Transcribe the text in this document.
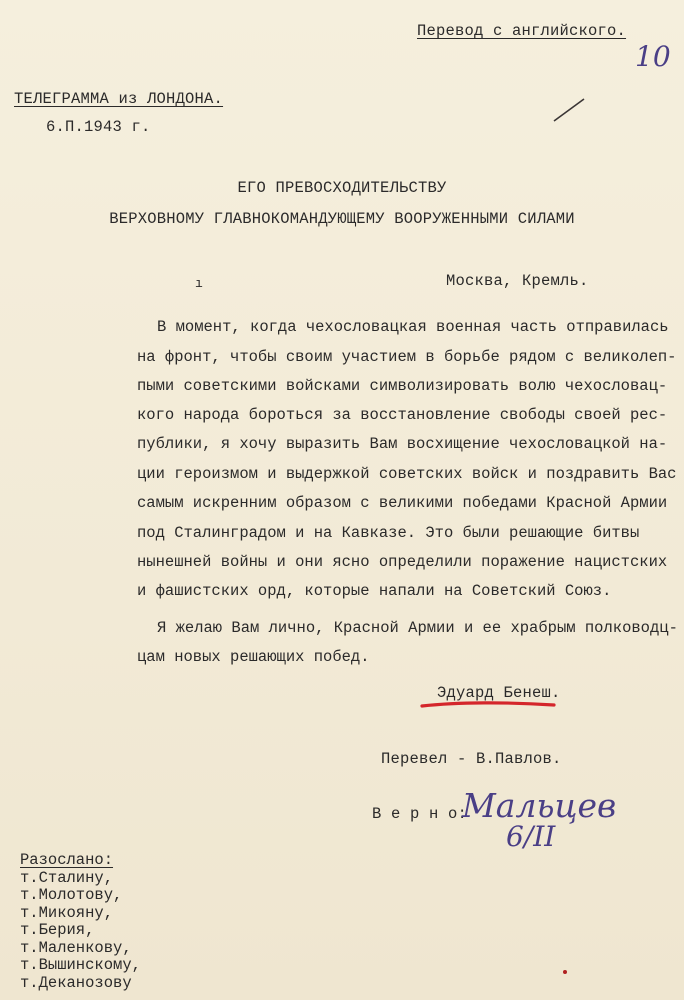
Перевод с английского.
10
ТЕЛЕГРАММА из ЛОНДОНА.
6.П.1943 г.
ЕГО ПРЕВОСХОДИТЕЛЬСТВУ
ВЕРХОВНОМУ ГЛАВНОКОМАНДУЮЩЕМУ ВООРУЖЕННЫМИ СИЛАМИ
Москва, Кремль.
ı
В момент, когда чехословацкая военная часть отправилась
на фронт, чтобы своим участием в борьбе рядом с великолеп-
пыми советскими войсками символизировать волю чехословац-
кого народа бороться за восстановление свободы своей рес-
публики, я хочу выразить Вам восхищение чехословацкой на-
ции героизмом и выдержкой советских войск и поздравить Вас
самым искренним образом с великими победами Красной Армии
под Сталинградом и на Кавказе. Это были решающие битвы
нынешней войны и они ясно определили поражение нацистских
и фашистских орд, которые напали на Советский Союз.
Я желаю Вам лично, Красной Армии и ее храбрым полководц-
цам новых решающих побед.
Эдуард Бенеш.
Перевел - В.Павлов.
В е р н о:
Мальцев
6/II
Разослано:
т.Сталину,
т.Молотову,
т.Микояну,
т.Берия,
т.Маленкову,
т.Вышинскому,
т.Деканозову
